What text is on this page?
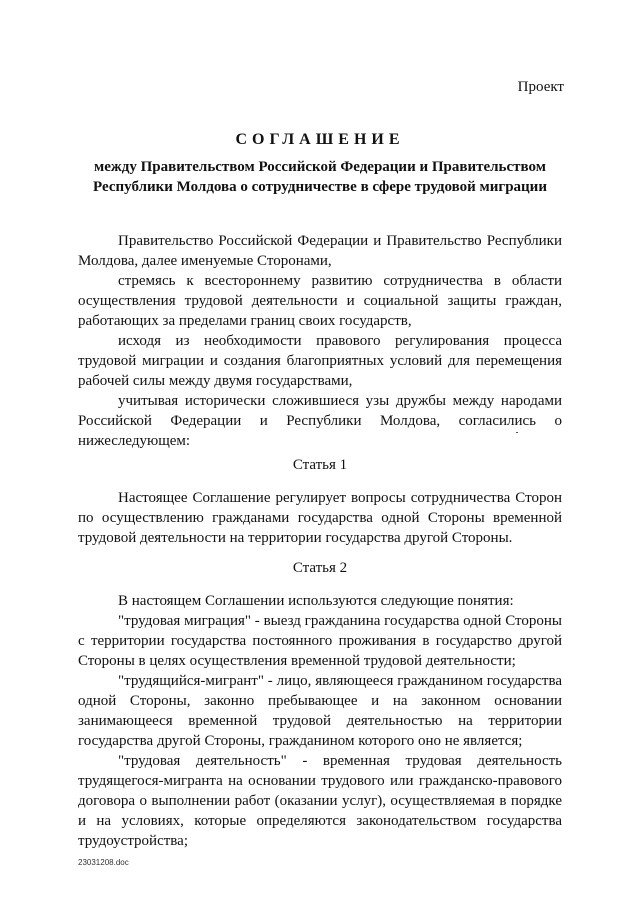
Проект
СОГЛАШЕНИЕ
между Правительством Российской Федерации и Правительством
Республики Молдова о сотрудничестве в сфере трудовой миграции

Правительство Российской Федерации и Правительство Республики Молдова, далее именуемые Сторонами,

стремясь к всестороннему развитию сотрудничества в области осуществления трудовой деятельности и социальной защиты граждан, работающих за пределами границ своих государств,

исходя из необходимости правового регулирования процесса трудовой миграции и создания благоприятных условий для перемещения рабочей силы между двумя государствами,

учитывая исторически сложившиеся узы дружбы между народами Российской Федерации и Республики Молдова, согласились о нижеследующем:

Статья 1

Настоящее Соглашение регулирует вопросы сотрудничества Сторон по осуществлению гражданами государства одной Стороны временной трудовой деятельности на территории государства другой Стороны.

Статья 2

В настоящем Соглашении используются следующие понятия:

"трудовая миграция" - выезд гражданина государства одной Стороны с территории государства постоянного проживания в государство другой Стороны в целях осуществления временной трудовой деятельности;

"трудящийся-мигрант" - лицо, являющееся гражданином государства одной Стороны, законно пребывающее и на законном основании занимающееся временной трудовой деятельностью на территории государства другой Стороны, гражданином которого оно не является;

"трудовая деятельность" - временная трудовая деятельность трудящегося-мигранта на основании трудового или гражданско-правового договора о выполнении работ (оказании услуг), осуществляемая в порядке и на условиях, которые определяются законодательством государства трудоустройства;

23031208.doc
